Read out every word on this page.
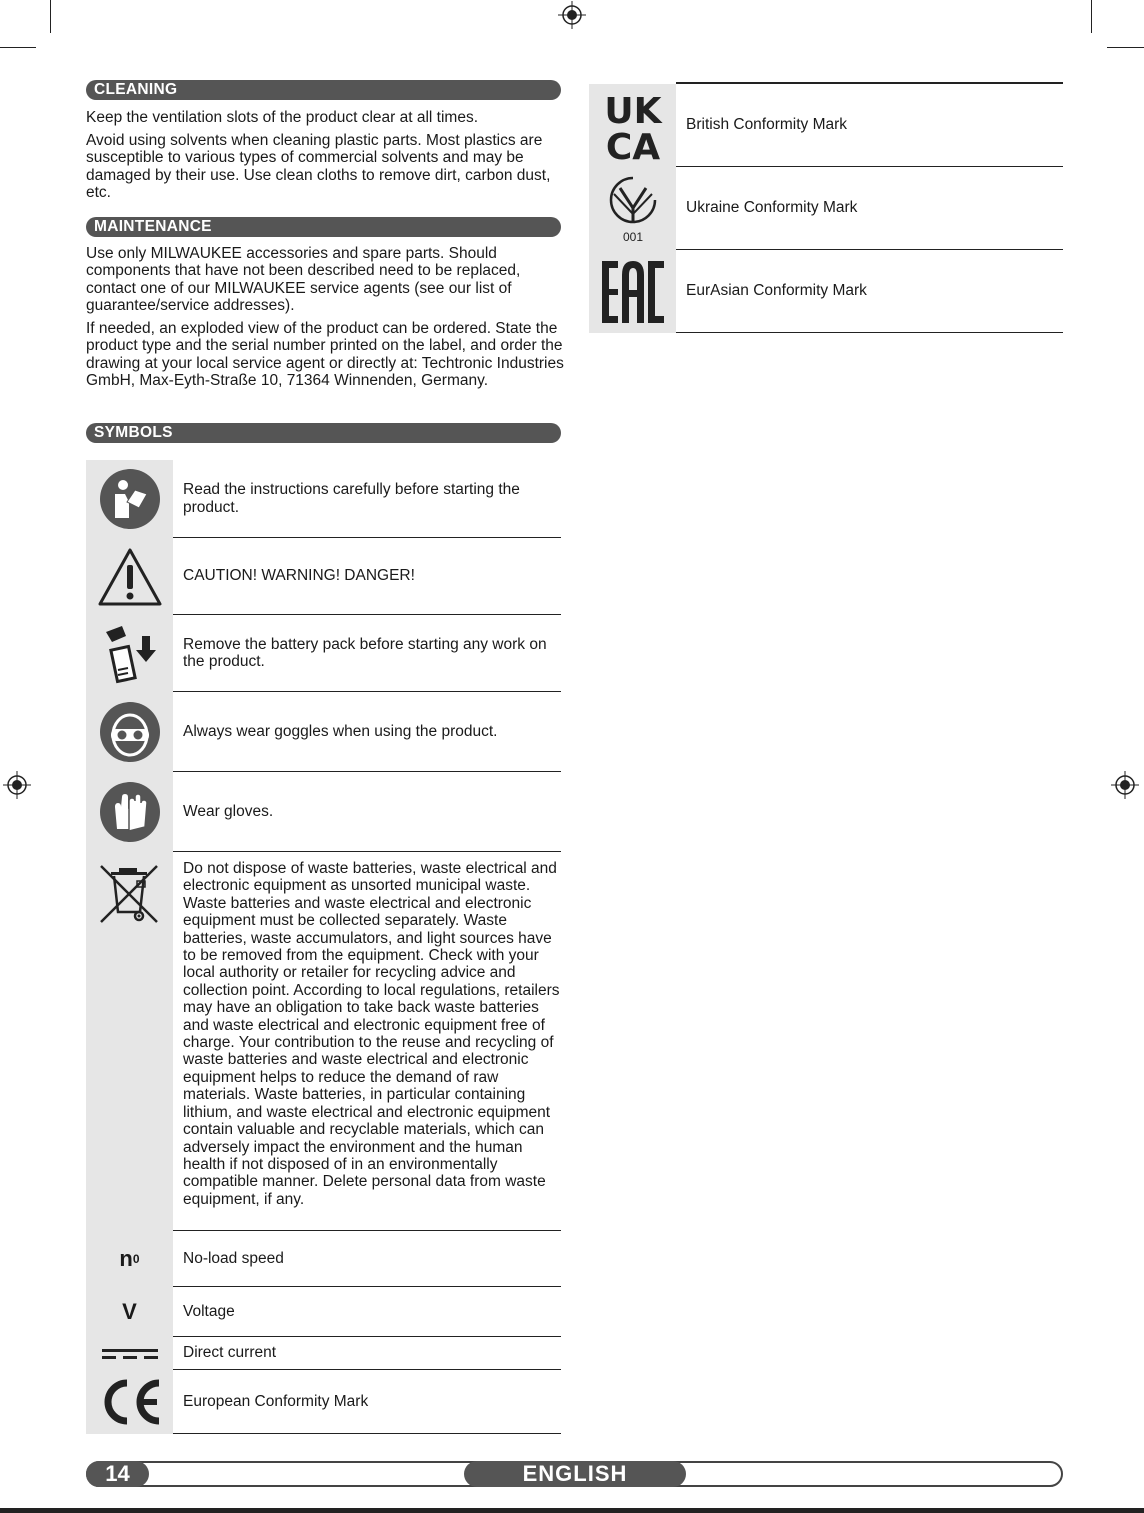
CLEANING

Keep the ventilation slots of the product clear at all times.

Avoid using solvents when cleaning plastic parts. Most plastics are susceptible to various types of commercial solvents and may be damaged by their use. Use clean cloths to remove dirt, carbon dust, etc.

MAINTENANCE

Use only MILWAUKEE accessories and spare parts. Should components that have not been described need to be replaced, contact one of our MILWAUKEE service agents (see our list of guarantee/service addresses).

If needed, an exploded view of the product can be ordered. State the product type and the serial number printed on the label, and order the drawing at your local service agent or directly at: Techtronic Industries GmbH, Max-Eyth-Straße 10, 71364 Winnenden, Germany.

SYMBOLS
Read the instructions carefully before starting the product.
CAUTION! WARNING! DANGER!
Remove the battery pack before starting any work on the product.
Always wear goggles when using the product.
Wear gloves.
Do not dispose of waste batteries, waste electrical and electronic equipment as unsorted municipal waste. Waste batteries and waste electrical and electronic equipment must be collected separately. Waste batteries, waste accumulators, and light sources have to be removed from the equipment. Check with your local authority or retailer for recycling advice and collection point. According to local regulations, retailers may have an obligation to take back waste batteries and waste electrical and electronic equipment free of charge. Your contribution to the reuse and recycling of waste batteries and waste electrical and electronic equipment helps to reduce the demand of raw materials. Waste batteries, in particular containing lithium, and waste electrical and electronic equipment contain valuable and recyclable materials, which can adversely impact the environment and the human health if not disposed of in an environmentally compatible manner. Delete personal data from waste equipment, if any.
n 0	No-load speed
V	Voltage
Direct current
European Conformity Mark
UK
CA
British Conformity Mark
001
Ukraine Conformity Mark
EurAsian Conformity Mark
14	ENGLISH
